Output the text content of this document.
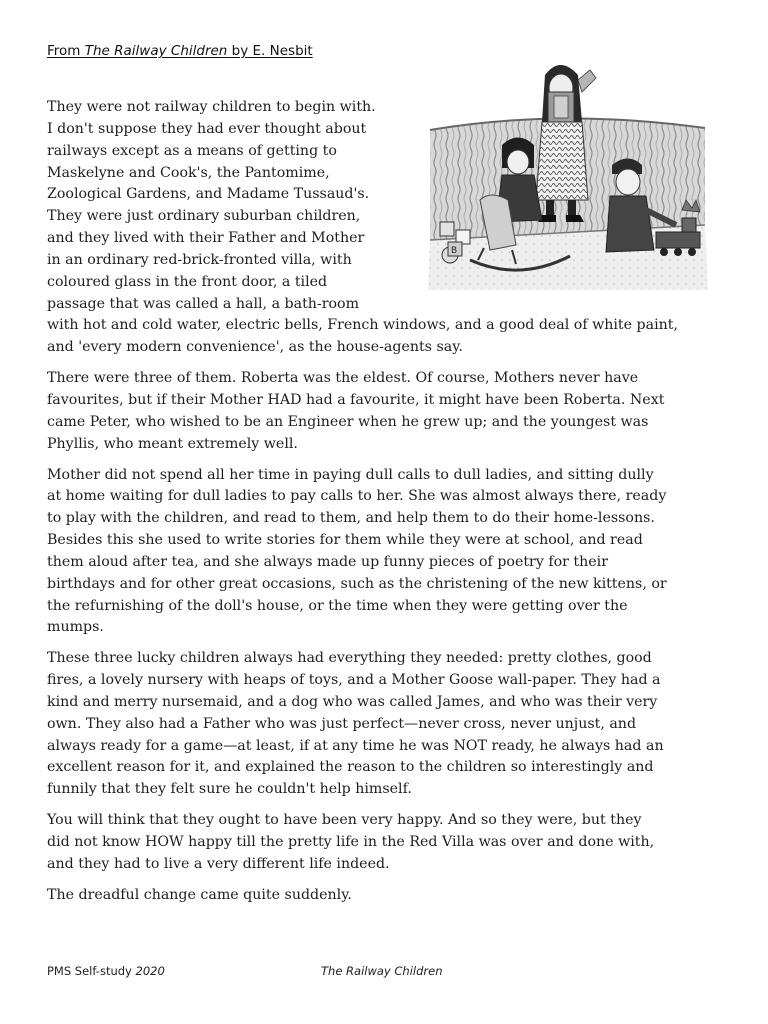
From The Railway Children by E. Nesbit
B

They were not railway children to begin with.
I don't suppose they had ever thought about
railways except as a means of getting to
Maskelyne and Cook's, the Pantomime,
Zoological Gardens, and Madame Tussaud's.
They were just ordinary suburban children,
and they lived with their Father and Mother
in an ordinary red-brick-fronted villa, with
coloured glass in the front door, a tiled
passage that was called a hall, a bath-room
with hot and cold water, electric bells, French windows, and a good deal of white paint,
and 'every modern convenience', as the house-agents say.

There were three of them. Roberta was the eldest. Of course, Mothers never have
favourites, but if their Mother HAD had a favourite, it might have been Roberta. Next
came Peter, who wished to be an Engineer when he grew up; and the youngest was
Phyllis, who meant extremely well.

Mother did not spend all her time in paying dull calls to dull ladies, and sitting dully
at home waiting for dull ladies to pay calls to her. She was almost always there, ready
to play with the children, and read to them, and help them to do their home-lessons.
Besides this she used to write stories for them while they were at school, and read
them aloud after tea, and she always made up funny pieces of poetry for their
birthdays and for other great occasions, such as the christening of the new kittens, or
the refurnishing of the doll's house, or the time when they were getting over the
mumps.

These three lucky children always had everything they needed: pretty clothes, good
fires, a lovely nursery with heaps of toys, and a Mother Goose wall-paper. They had a
kind and merry nursemaid, and a dog who was called James, and who was their very
own. They also had a Father who was just perfect—never cross, never unjust, and
always ready for a game—at least, if at any time he was NOT ready, he always had an
excellent reason for it, and explained the reason to the children so interestingly and
funnily that they felt sure he couldn't help himself.

You will think that they ought to have been very happy. And so they were, but they
did not know HOW happy till the pretty life in the Red Villa was over and done with,
and they had to live a very different life indeed.

The dreadful change came quite suddenly.

PMS Self-study 2020	The Railway Children
